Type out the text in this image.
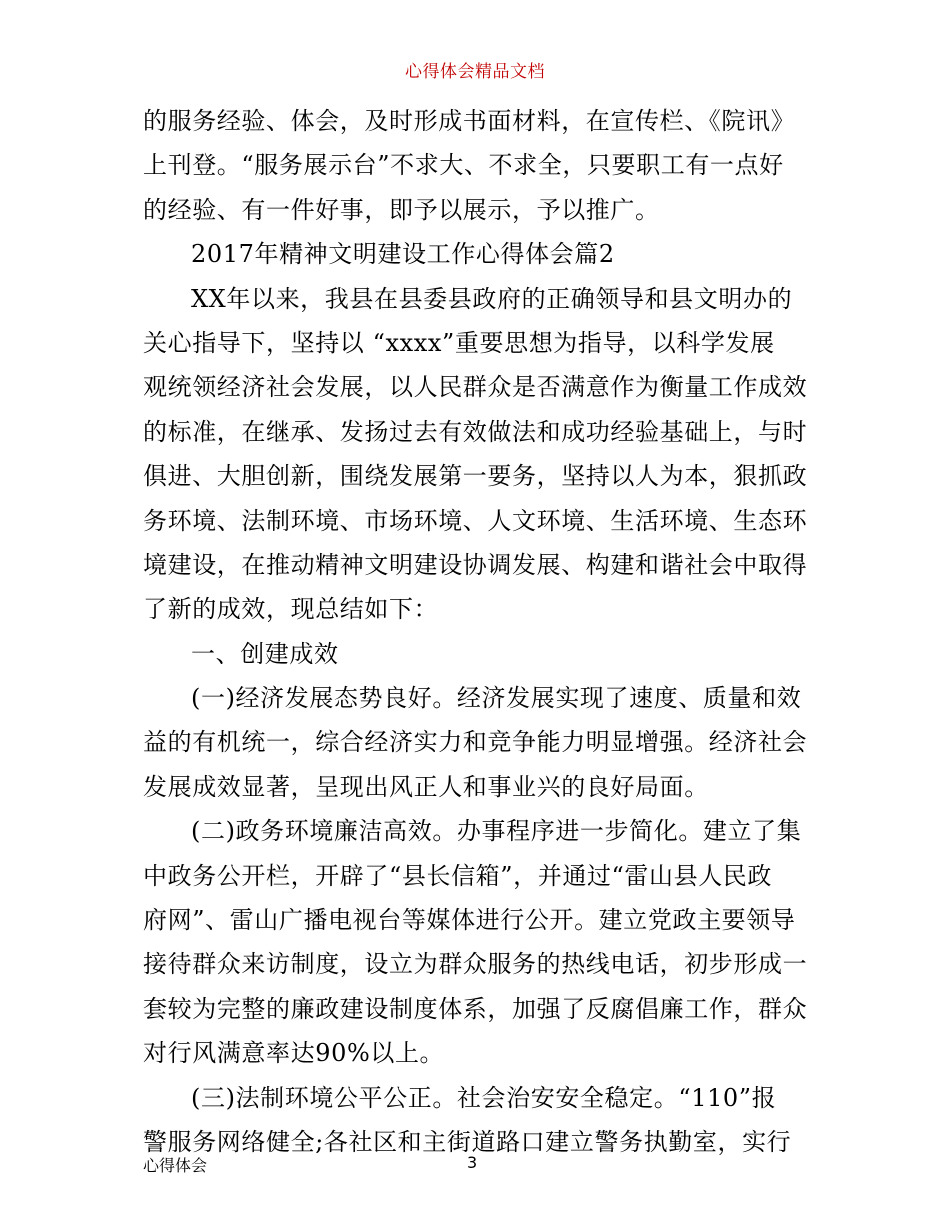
心得体会精品文档
的服务经验、体会，及时形成书面材料，在宣传栏、《院讯》
上刊登。“服务展示台”不求大、不求全，只要职工有一点好
的经验、有一件好事，即予以展示，予以推广。
2017年精神文明建设工作心得体会篇2
XX年以来，我县在县委县政府的正确领导和县文明办的
关心指导下，坚持以 “xxxx”重要思想为指导，以科学发展
观统领经济社会发展，以人民群众是否满意作为衡量工作成效
的标准，在继承、发扬过去有效做法和成功经验基础上，与时
俱进、大胆创新，围绕发展第一要务，坚持以人为本，狠抓政
务环境、法制环境、市场环境、人文环境、生活环境、生态环
境建设，在推动精神文明建设协调发展、构建和谐社会中取得
了新的成效，现总结如下：
一、创建成效
(一)经济发展态势良好。经济发展实现了速度、质量和效
益的有机统一，综合经济实力和竞争能力明显增强。经济社会
发展成效显著，呈现出风正人和事业兴的良好局面。
(二)政务环境廉洁高效。办事程序进一步简化。建立了集
中政务公开栏，开辟了“县长信箱”，并通过“雷山县人民政
府网”、雷山广播电视台等媒体进行公开。建立党政主要领导
接待群众来访制度，设立为群众服务的热线电话，初步形成一
套较为完整的廉政建设制度体系，加强了反腐倡廉工作，群众
对行风满意率达90%以上。
(三)法制环境公平公正。社会治安安全稳定。“110”报
警服务网络健全;各社区和主街道路口建立警务执勤室，实行
心得体会	3
